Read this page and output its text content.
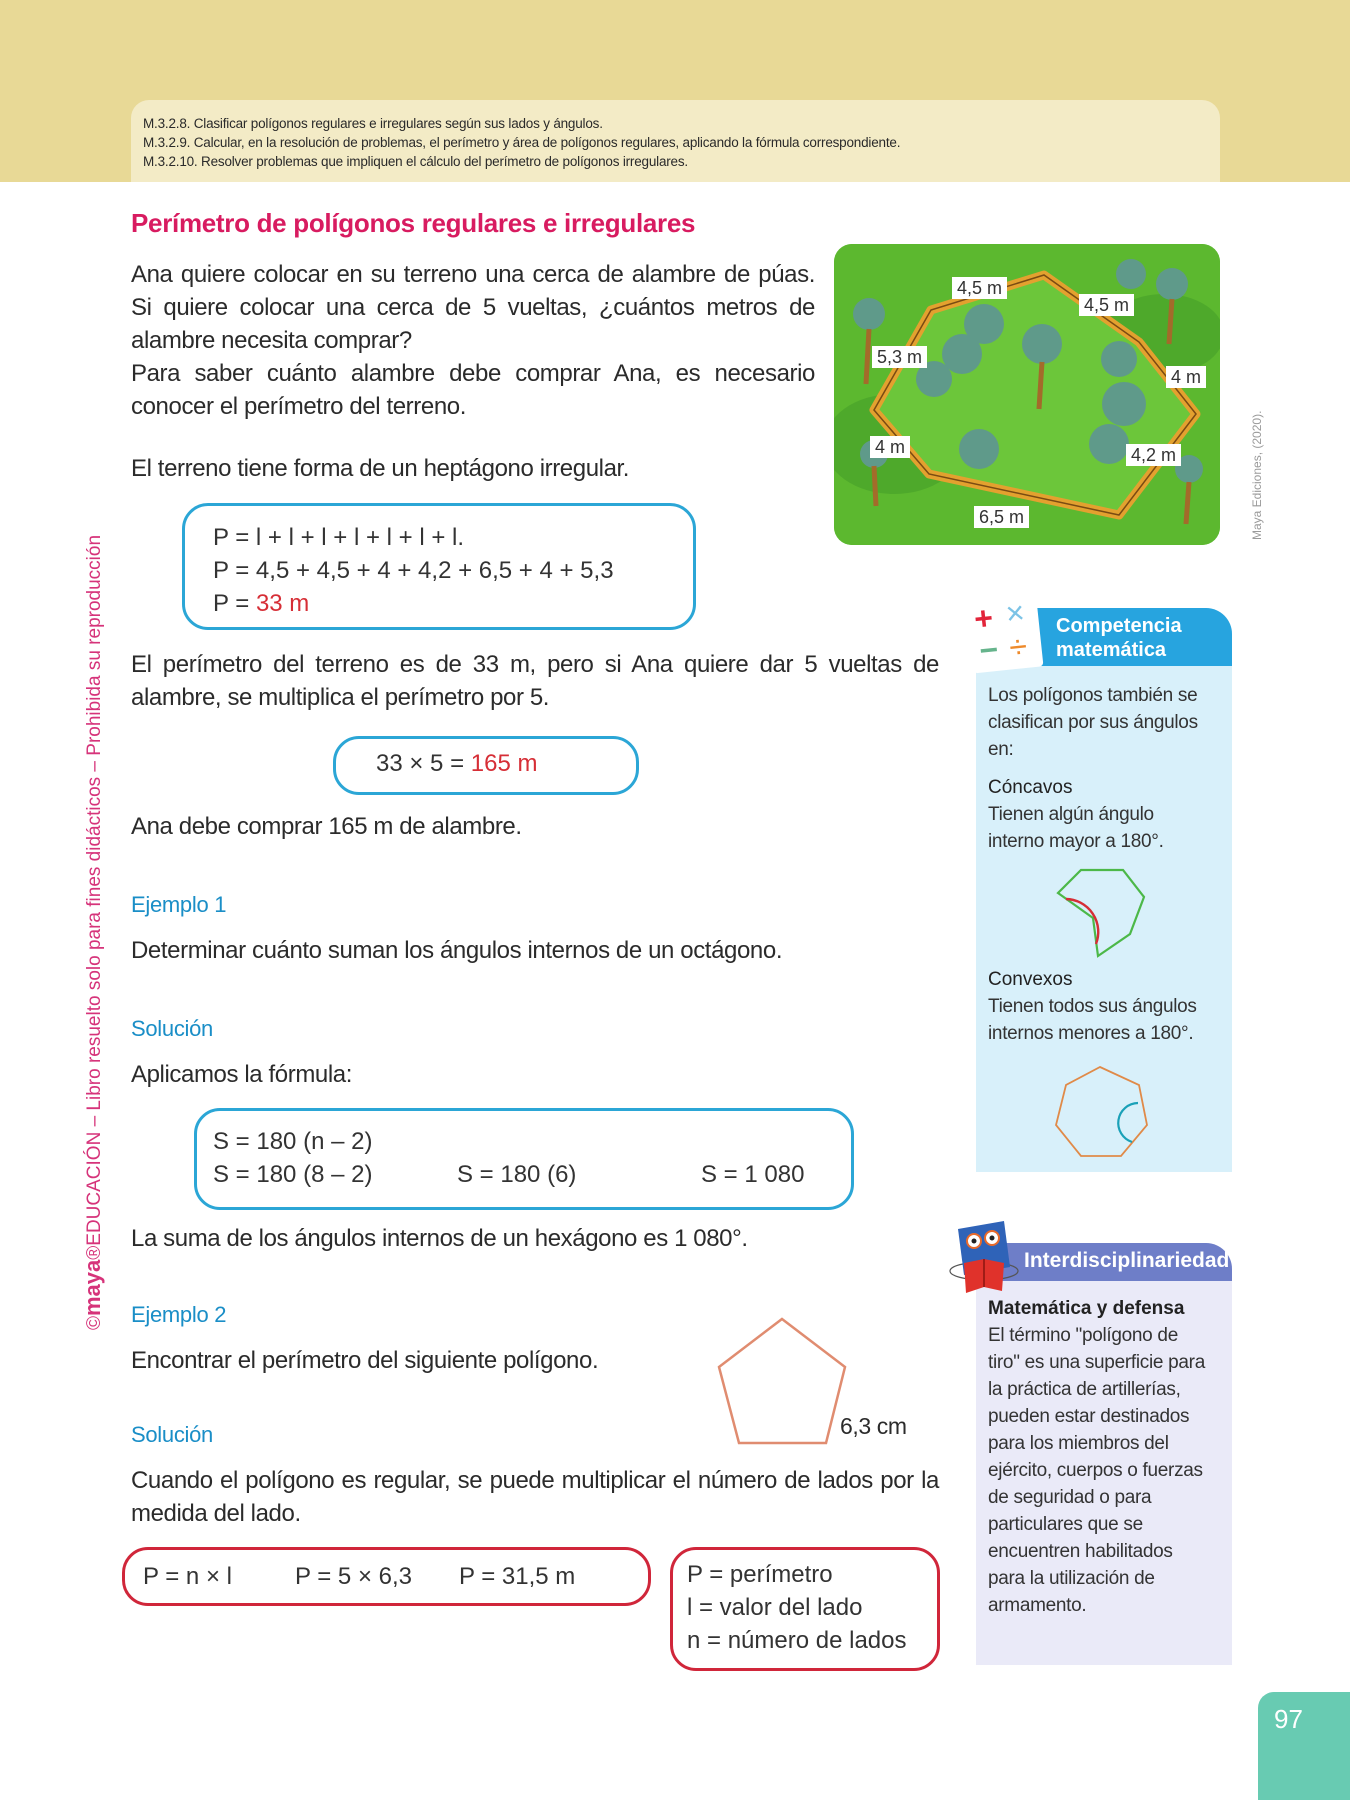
M.3.2.8. Clasificar polígonos regulares e irregulares según sus lados y ángulos.
M.3.2.9. Calcular, en la resolución de problemas, el perímetro y área de polígonos regulares, aplicando la fórmula correspondiente.
M.3.2.10. Resolver problemas que impliquen el cálculo del perímetro de polígonos irregulares.
©maya®EDUCACIÓN – Libro resuelto solo para fines didácticos – Prohibida su reproducción
Perímetro de polígonos regulares e irregulares
Ana quiere colocar en su terreno una cerca de alambre de púas. Si quiere colocar una cerca de 5 vueltas, ¿cuántos metros de alambre necesita comprar?
Para saber cuánto alambre debe comprar Ana, es necesario conocer el perímetro del terreno.
El terreno tiene forma de un heptágono irregular.
P = l + l + l + l + l + l + l.
P = 4,5 + 4,5 + 4 + 4,2 + 6,5 + 4 + 5,3
P = 33 m
El perímetro del terreno es de 33 m, pero si Ana quiere dar 5 vueltas de alambre, se multiplica el perímetro por 5.
33 × 5 = 165 m
Ana debe comprar 165 m de alambre.
Ejemplo 1
Determinar cuánto suman los ángulos internos de un octágono.
Solución
Aplicamos la fórmula:
S = 180 (n – 2)
S = 180 (8 – 2)	S = 180 (6)	S = 1 080
La suma de los ángulos internos de un hexágono es 1 080°.
Ejemplo 2
Encontrar el perímetro del siguiente polígono.
6,3 cm
Solución
Cuando el polígono es regular, se puede multiplicar el número de lados por la medida del lado.
P = n × l	P = 5 × 6,3 P = 31,5 m	P = perímetro
l = valor del lado
n = número de lados
4,5 m
4,5 m
5,3 m
4 m
4 m	4,2 m
6,5 m	Maya Ediciones, (2020).
Competencia
matemática
+ ×
− ÷
Los polígonos también se clasifican por sus ángulos en:
Cóncavos
Tienen algún ángulo interno mayor a 180°.
Convexos
Tienen todos sus ángulos internos menores a 180°.
Interdisciplinariedad
Matemática y defensa
El término "polígono de tiro" es una superficie para la práctica de artillerías, pueden estar destinados para los miembros del ejército, cuerpos o fuerzas de seguridad o para particulares que se encuentren habilitados para la utilización de armamento.
97
